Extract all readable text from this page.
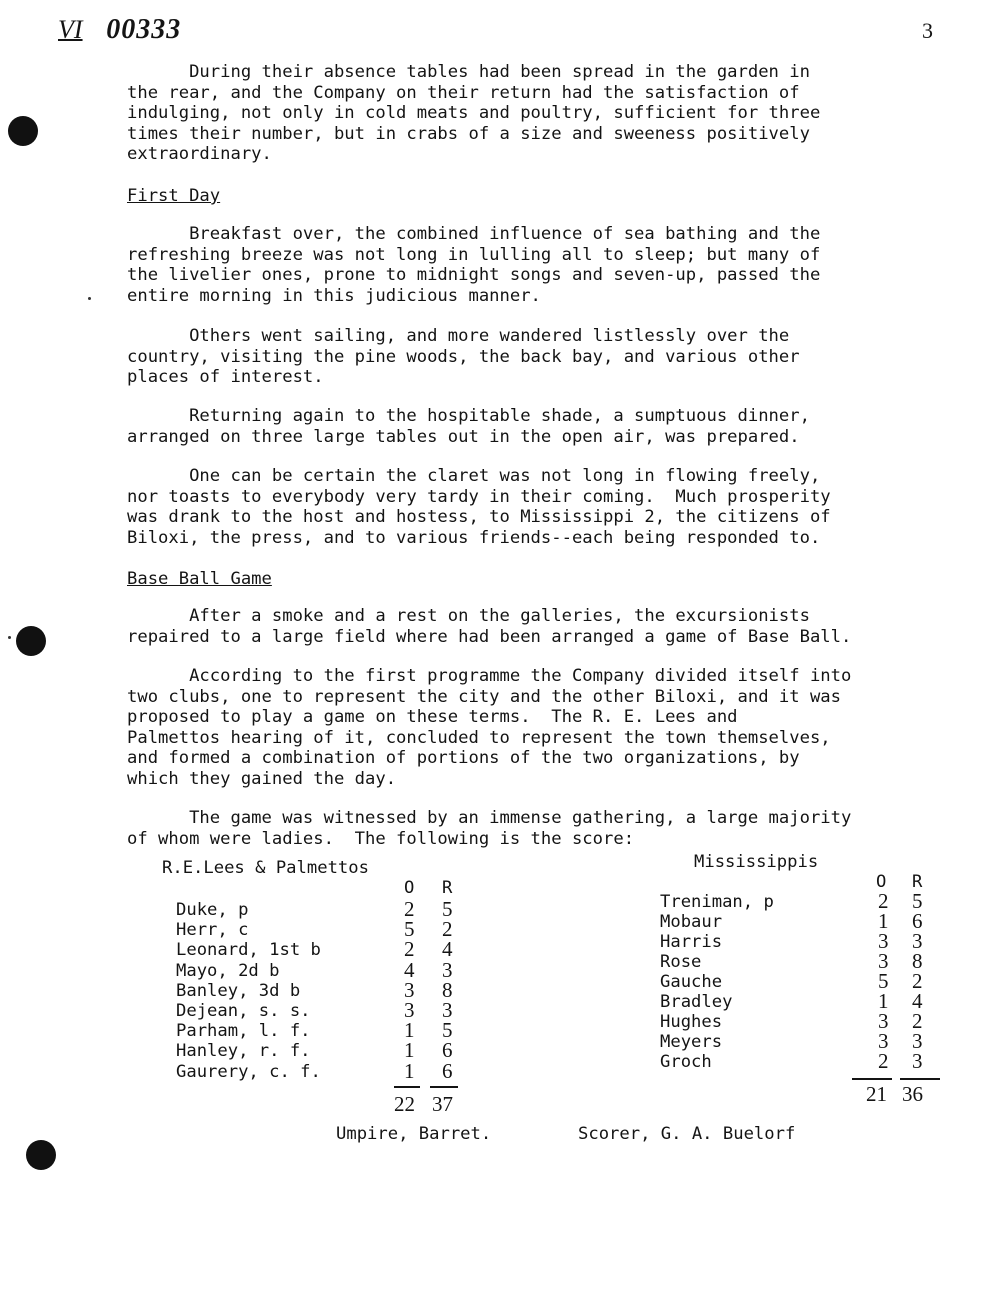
VI 00333	3
During their absence tables had been spread in the garden in
the rear, and the Company on their return had the satisfaction of
indulging, not only in cold meats and poultry, sufficient for three
times their number, but in crabs of a size and sweeness positively
extraordinary.
First Day
Breakfast over, the combined influence of sea bathing and the
refreshing breeze was not long in lulling all to sleep; but many of
the livelier ones, prone to midnight songs and seven-up, passed the
entire morning in this judicious manner.
Others went sailing, and more wandered listlessly over the
country, visiting the pine woods, the back bay, and various other
places of interest.
Returning again to the hospitable shade, a sumptuous dinner,
arranged on three large tables out in the open air, was prepared.
One can be certain the claret was not long in flowing freely,
nor toasts to everybody very tardy in their coming.  Much prosperity
was drank to the host and hostess, to Mississippi 2, the citizens of
Biloxi, the press, and to various friends--each being responded to.
Base Ball Game
After a smoke and a rest on the galleries, the excursionists
repaired to a large field where had been arranged a game of Base Ball.
According to the first programme the Company divided itself into
two clubs, one to represent the city and the other Biloxi, and it was
proposed to play a game on these terms.  The R. E. Lees and
Palmettos hearing of it, concluded to represent the town themselves,
and formed a combination of portions of the two organizations, by
which they gained the day.
The game was witnessed by an immense gathering, a large majority
of whom were ladies.  The following is the score:
R.E.Lees & Palmettos	Mississippis
O R	O R
Duke, p	2 5
Herr, c	5 2
Leonard, 1st b	2 4
Mayo, 2d b	4 3
Banley, 3d b	3 8
Dejean, s. s.	3 3
Parham, l. f.	1 5
Hanley, r. f.	1 6
Gaurery, c. f.	1 6
Treniman, p	2 5
Mobaur	1 6
Harris	3 3
Rose	3 8
Gauche	5 2
Bradley	1 4
Hughes	3 2
Meyers	3 3
Groch	2 3
22 37	21 36
Umpire, Barret.	Scorer, G. A. Buelorf
